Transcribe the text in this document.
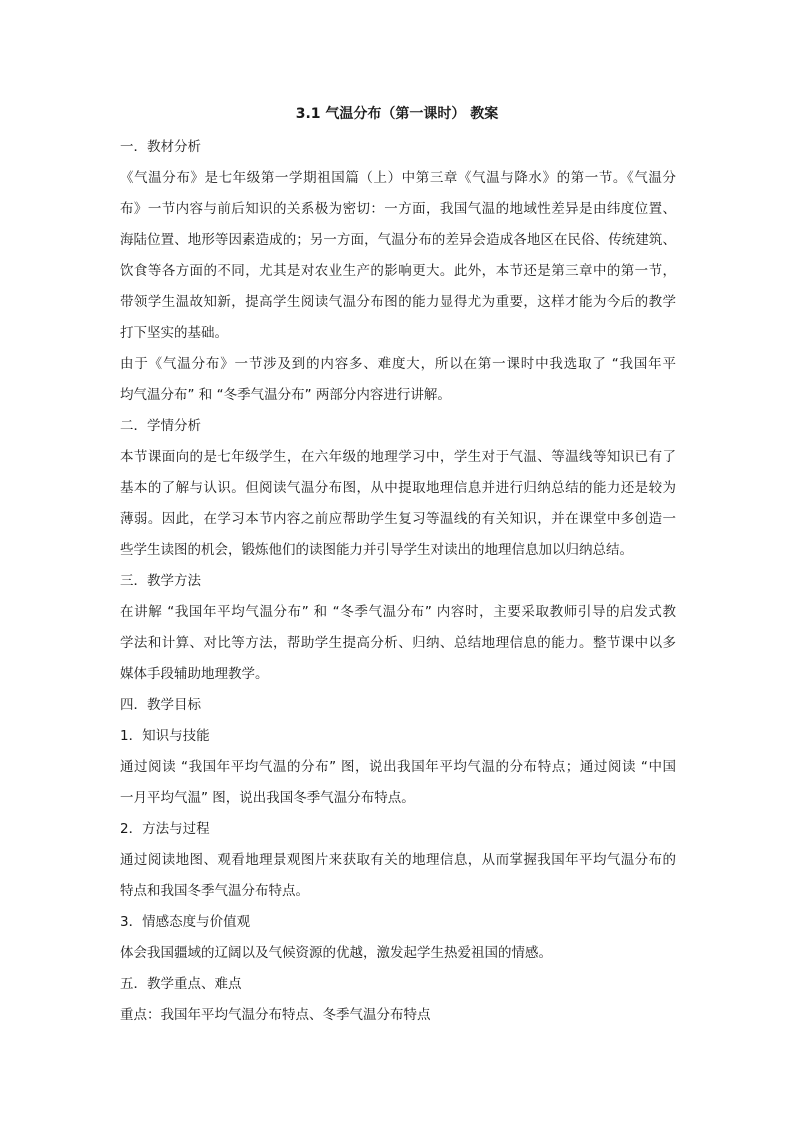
3.1 气温分布（第一课时） 教案
一．教材分析
《气温分布》是七年级第一学期祖国篇（上）中第三章《气温与降水》的第一节。《气温分
布》一节内容与前后知识的关系极为密切：一方面，我国气温的地域性差异是由纬度位置、
海陆位置、地形等因素造成的；另一方面，气温分布的差异会造成各地区在民俗、传统建筑、
饮食等各方面的不同，尤其是对农业生产的影响更大。此外，本节还是第三章中的第一节，
带领学生温故知新，提高学生阅读气温分布图的能力显得尤为重要，这样才能为今后的教学
打下坚实的基础。
由于《气温分布》一节涉及到的内容多、难度大，所以在第一课时中我选取了 “我国年平
均气温分布” 和 “冬季气温分布” 两部分内容进行讲解。
二．学情分析
本节课面向的是七年级学生，在六年级的地理学习中，学生对于气温、等温线等知识已有了
基本的了解与认识。但阅读气温分布图，从中提取地理信息并进行归纳总结的能力还是较为
薄弱。因此，在学习本节内容之前应帮助学生复习等温线的有关知识，并在课堂中多创造一
些学生读图的机会，锻炼他们的读图能力并引导学生对读出的地理信息加以归纳总结。
三．教学方法
在讲解 “我国年平均气温分布” 和 “冬季气温分布” 内容时，主要采取教师引导的启发式教
学法和计算、对比等方法，帮助学生提高分析、归纳、总结地理信息的能力。整节课中以多
媒体手段辅助地理教学。
四．教学目标
1．知识与技能
通过阅读 “我国年平均气温的分布” 图，说出我国年平均气温的分布特点；通过阅读 “中国
一月平均气温” 图，说出我国冬季气温分布特点。
2．方法与过程
通过阅读地图、观看地理景观图片来获取有关的地理信息，从而掌握我国年平均气温分布的
特点和我国冬季气温分布特点。
3．情感态度与价值观
体会我国疆域的辽阔以及气候资源的优越，激发起学生热爱祖国的情感。
五．教学重点、难点
重点：我国年平均气温分布特点、冬季气温分布特点
